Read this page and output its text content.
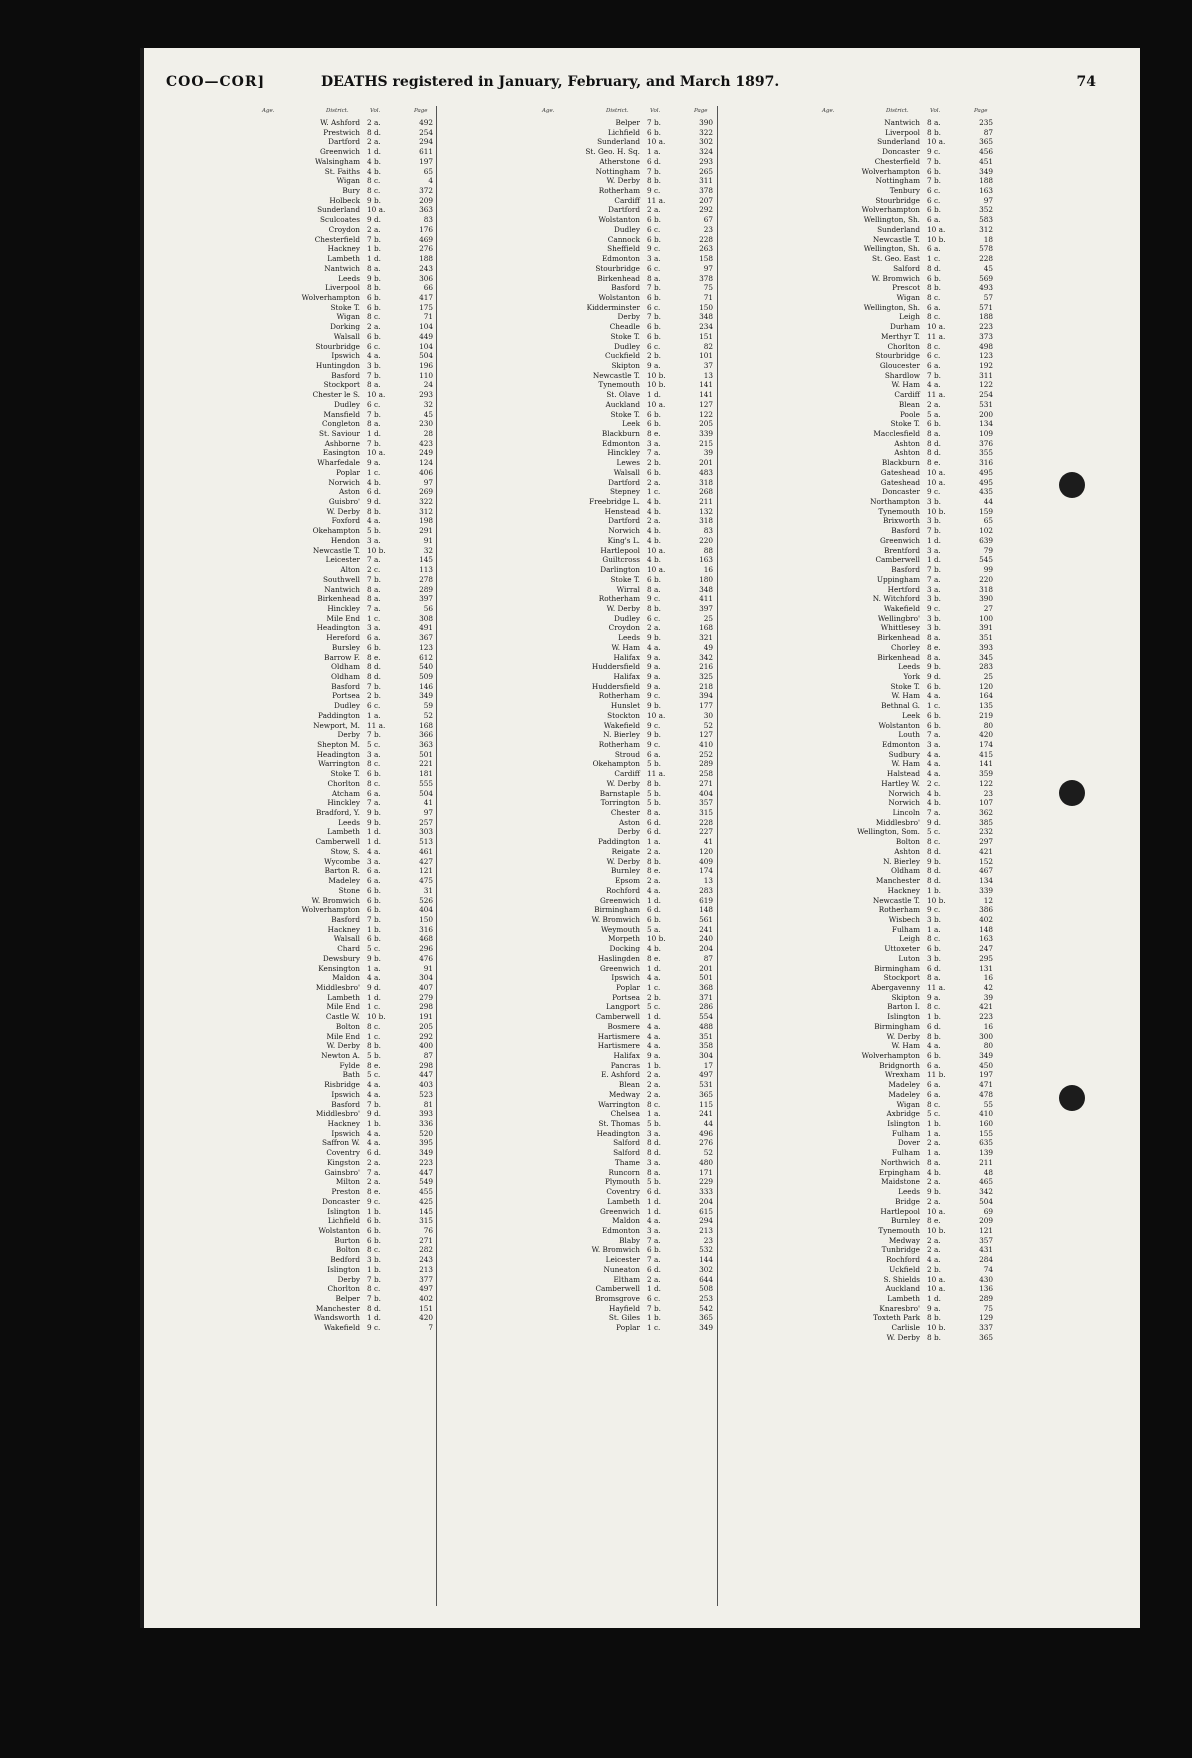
COO—COR]	DEATHS registered in January, February, and March 1897.	74
Age.	District.	Vol.	Page
W. Ashford 2 a.	492
Prestwich 8 d.	254
Dartford 2 a.	294
Greenwich 1 d.	611
Walsingham 4 b.	197
St. Faiths 4 b.	65
Wigan 8 c.	4
Bury 8 c.	372
Holbeck 9 b.	209
Sunderland 10 a.	363
Sculcoates 9 d.	83
Croydon 2 a.	176
Chesterfield 7 b.	469
Hackney 1 b.	276
Lambeth 1 d.	188
Nantwich 8 a.	243
Leeds 9 b.	306
Liverpool 8 b.	66
Wolverhampton 6 b.	417
Stoke T. 6 b.	175
Wigan 8 c.	71
Dorking 2 a.	104
Walsall 6 b.	449
Stourbridge 6 c.	104
Ipswich 4 a.	504
Huntingdon 3 b.	196
Basford 7 b.	110
Stockport 8 a.	24
Chester le S. 10 a.	293
Dudley 6 c.	32
Mansfield 7 b.	45
Congleton 8 a.	230
St. Saviour 1 d.	28
Ashborne 7 b.	423
Easington 10 a.	249
Wharfedale 9 a.	124
Poplar 1 c.	406
Norwich 4 b.	97
Aston 6 d.	269
Guisbro' 9 d.	322
W. Derby 8 b.	312
Foxford 4 a.	198
Okehampton 5 b.	291
Hendon 3 a.	91
Newcastle T. 10 b.	32
Leicester 7 a.	145
Alton 2 c.	113
Southwell 7 b.	278
Nantwich 8 a.	289
Birkenhead 8 a.	397
Hinckley 7 a.	56
Mile End 1 c.	308
Headington 3 a.	491
Hereford 6 a.	367
Bursley 6 b.	123
Barrow F. 8 e.	612
Oldham 8 d.	540
Oldham 8 d.	509
Basford 7 b.	146
Portsea 2 b.	349
Dudley 6 c.	59
Paddington 1 a.	52
Newport, M. 11 a.	168
Derby 7 b.	366
Shepton M. 5 c.	363
Headington 3 a.	501
Warrington 8 c.	221
Stoke T. 6 b.	181
Chorlton 8 c.	555
Atcham 6 a.	504
Hinckley 7 a.	41
Bradford, Y. 9 b.	97
Leeds 9 b.	257
Lambeth 1 d.	303
Camberwell 1 d.	513
Stow, S. 4 a.	461
Wycombe 3 a.	427
Barton R. 6 a.	121
Madeley 6 a.	475
Stone 6 b.	31
W. Bromwich 6 b.	526
Wolverhampton 6 b.	404
Basford 7 b.	150
Hackney 1 b.	316
Walsall 6 b.	468
Chard 5 c.	296
Dewsbury 9 b.	476
Kensington 1 a.	91
Maldon 4 a.	304
Middlesbro' 9 d.	407
Lambeth 1 d.	279
Mile End 1 c.	298
Castle W. 10 b.	191
Bolton 8 c.	205
Mile End 1 c.	292
W. Derby 8 b.	400
Newton A. 5 b.	87
Fylde 8 e.	298
Bath 5 c.	447
Risbridge 4 a.	403
Ipswich 4 a.	523
Basford 7 b.	81
Middlesbro' 9 d.	393
Hackney 1 b.	336
Ipswich 4 a.	520
Saffron W. 4 a.	395
Coventry 6 d.	349
Kingston 2 a.	223
Gainsbro' 7 a.	447
Milton 2 a.	549
Preston 8 e.	455
Doncaster 9 c.	425
Islington 1 b.	145
Lichfield 6 b.	315
Wolstanton 6 b.	76
Burton 6 b.	271
Bolton 8 c.	282
Bedford 3 b.	243
Islington 1 b.	213
Derby 7 b.	377
Chorlton 8 c.	497
Belper 7 b.	402
Manchester 8 d.	151
Wandsworth 1 d.	420
Wakefield 9 c.	7
Age.	District.	Vol.	Page
Belper 7 b.	390
Lichfield 6 b.	322
Sunderland 10 a.	302
St. Geo. H. Sq. 1 a.	324
Atherstone 6 d.	293
Nottingham 7 b.	265
W. Derby 8 b.	311
Rotherham 9 c.	378
Cardiff 11 a.	207
Dartford 2 a.	292
Wolstanton 6 b.	67
Dudley 6 c.	23
Cannock 6 b.	228
Sheffield 9 c.	263
Edmonton 3 a.	158
Stourbridge 6 c.	97
Birkenhead 8 a.	378
Basford 7 b.	75
Wolstanton 6 b.	71
Kidderminster 6 c.	150
Derby 7 b.	348
Cheadle 6 b.	234
Stoke T. 6 b.	151
Dudley 6 c.	82
Cuckfield 2 b.	101
Skipton 9 a.	37
Newcastle T. 10 b.	13
Tynemouth 10 b.	141
St. Olave 1 d.	141
Auckland 10 a.	127
Stoke T. 6 b.	122
Leek 6 b.	205
Blackburn 8 e.	339
Edmonton 3 a.	215
Hinckley 7 a.	39
Lewes 2 b.	201
Walsall 6 b.	483
Dartford 2 a.	318
Stepney 1 c.	268
Freebridge L. 4 b.	211
Henstead 4 b.	132
Dartford 2 a.	318
Norwich 4 b.	83
King's L. 4 b.	220
Hartlepool 10 a.	88
Guiltcross 4 b.	163
Darlington 10 a.	16
Stoke T. 6 b.	180
Wirral 8 a.	348
Rotherham 9 c.	411
W. Derby 8 b.	397
Dudley 6 c.	25
Croydon 2 a.	168
Leeds 9 b.	321
W. Ham 4 a.	49
Halifax 9 a.	342
Huddersfield 9 a.	216
Halifax 9 a.	325
Huddersfield 9 a.	218
Rotherham 9 c.	394
Hunslet 9 b.	177
Stockton 10 a.	30
Wakefield 9 c.	52
N. Bierley 9 b.	127
Rotherham 9 c.	410
Stroud 6 a.	252
Okehampton 5 b.	289
Cardiff 11 a.	258
W. Derby 8 b.	271
Barnstaple 5 b.	404
Torrington 5 b.	357
Chester 8 a.	315
Aston 6 d.	228
Derby 6 d.	227
Paddington 1 a.	41
Reigate 2 a.	120
W. Derby 8 b.	409
Burnley 8 e.	174
Epsom 2 a.	13
Rochford 4 a.	283
Greenwich 1 d.	619
Birmingham 6 d.	148
W. Bromwich 6 b.	561
Weymouth 5 a.	241
Morpeth 10 b.	240
Docking 4 b.	204
Haslingden 8 e.	87
Greenwich 1 d.	201
Ipswich 4 a.	501
Poplar 1 c.	368
Portsea 2 b.	371
Langport 5 c.	286
Camberwell 1 d.	554
Bosmere 4 a.	488
Hartismere 4 a.	351
Hartismere 4 a.	358
Halifax 9 a.	304
Pancras 1 b.	17
E. Ashford 2 a.	497
Blean 2 a.	531
Medway 2 a.	365
Warrington 8 c.	115
Chelsea 1 a.	241
St. Thomas 5 b.	44
Headington 3 a.	496
Salford 8 d.	276
Salford 8 d.	52
Thame 3 a.	480
Runcorn 8 a.	171
Plymouth 5 b.	229
Coventry 6 d.	333
Lambeth 1 d.	204
Greenwich 1 d.	615
Maldon 4 a.	294
Edmonton 3 a.	213
Blaby 7 a.	23
W. Bromwich 6 b.	532
Leicester 7 a.	144
Nuneaton 6 d.	302
Eltham 2 a.	644
Camberwell 1 d.	508
Bromsgrove 6 c.	253
Hayfield 7 b.	542
St. Giles 1 b.	365
Poplar 1 c.	349
Age.	District.	Vol.	Page
Nantwich 8 a.	235
Liverpool 8 b.	87
Sunderland 10 a.	365
Doncaster 9 c.	456
Chesterfield 7 b.	451
Wolverhampton 6 b.	349
Nottingham 7 b.	188
Tenbury 6 c.	163
Stourbridge 6 c.	97
Wolverhampton 6 b.	352
Wellington, Sh. 6 a.	583
Sunderland 10 a.	312
Newcastle T. 10 b.	18
Wellington, Sh. 6 a.	578
St. Geo. East 1 c.	228
Salford 8 d.	45
W. Bromwich 6 b.	569
Prescot 8 b.	493
Wigan 8 c.	57
Wellington, Sh. 6 a.	571
Leigh 8 c.	188
Durham 10 a.	223
Merthyr T. 11 a.	373
Chorlton 8 c.	498
Stourbridge 6 c.	123
Gloucester 6 a.	192
Shardlow 7 b.	311
W. Ham 4 a.	122
Cardiff 11 a.	254
Blean 2 a.	531
Poole 5 a.	200
Stoke T. 6 b.	134
Macclesfield 8 a.	109
Ashton 8 d.	376
Ashton 8 d.	355
Blackburn 8 e.	316
Gateshead 10 a.	495
Gateshead 10 a.	495
Doncaster 9 c.	435
Northampton 3 b.	44
Tynemouth 10 b.	159
Brixworth 3 b.	65
Basford 7 b.	102
Greenwich 1 d.	639
Brentford 3 a.	79
Camberwell 1 d.	545
Basford 7 b.	99
Uppingham 7 a.	220
Hertford 3 a.	318
N. Witchford 3 b.	390
Wakefield 9 c.	27
Wellingbro' 3 b.	100
Whittlesey 3 b.	391
Birkenhead 8 a.	351
Chorley 8 e.	393
Birkenhead 8 a.	345
Leeds 9 b.	283
York 9 d.	25
Stoke T. 6 b.	120
W. Ham 4 a.	164
Bethnal G. 1 c.	135
Leek 6 b.	219
Wolstanton 6 b.	80
Louth 7 a.	420
Edmonton 3 a.	174
Sudbury 4 a.	415
W. Ham 4 a.	141
Halstead 4 a.	359
Hartley W. 2 c.	122
Norwich 4 b.	23
Norwich 4 b.	107
Lincoln 7 a.	362
Middlesbro' 9 d.	385
Wellington, Som. 5 c.	232
Bolton 8 c.	297
Ashton 8 d.	421
N. Bierley 9 b.	152
Oldham 8 d.	467
Manchester 8 d.	134
Hackney 1 b.	339
Newcastle T. 10 b.	12
Rotherham 9 c.	386
Wisbech 3 b.	402
Fulham 1 a.	148
Leigh 8 c.	163
Uttoxeter 6 b.	247
Luton 3 b.	295
Birmingham 6 d.	131
Stockport 8 a.	16
Abergavenny 11 a.	42
Skipton 9 a.	39
Barton I. 8 c.	421
Islington 1 b.	223
Birmingham 6 d.	16
W. Derby 8 b.	300
W. Ham 4 a.	80
Wolverhampton 6 b.	349
Bridgnorth 6 a.	450
Wrexham 11 b.	197
Madeley 6 a.	471
Madeley 6 a.	478
Wigan 8 c.	55
Axbridge 5 c.	410
Islington 1 b.	160
Fulham 1 a.	155
Dover 2 a.	635
Fulham 1 a.	139
Northwich 8 a.	211
Erpingham 4 b.	48
Maidstone 2 a.	465
Leeds 9 b.	342
Bridge 2 a.	504
Hartlepool 10 a.	69
Burnley 8 e.	209
Tynemouth 10 b.	121
Medway 2 a.	357
Tunbridge 2 a.	431
Rochford 4 a.	284
Uckfield 2 b.	74
S. Shields 10 a.	430
Auckland 10 a.	136
Lambeth 1 d.	289
Knaresbro' 9 a.	75
Toxteth Park 8 b.	129
Carlisle 10 b.	337
W. Derby 8 b.	365
